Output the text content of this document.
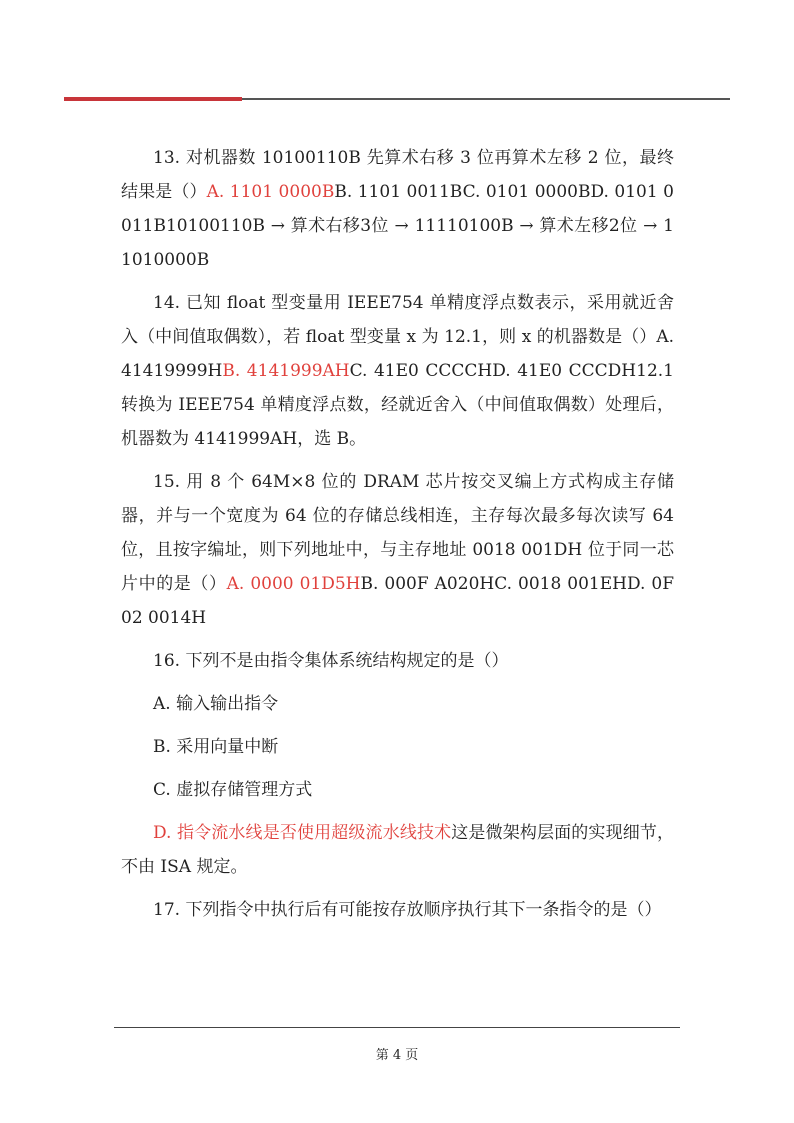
13. 对机器数 10100110B 先算术右移 3 位再算术左移 2 位，最终结果是（）A. 1101 0000BB. 1101 0011BC. 0101 0000BD. 0101 0011B10100110B → 算术右移3位 → 11110100B → 算术左移2位 → 11010000B

14. 已知 float 型变量用 IEEE754 单精度浮点数表示，采用就近舍入（中间值取偶数），若 float 型变量 x 为 12.1，则 x 的机器数是（）A. 41419999HB. 4141999AHC. 41E0 CCCCHD. 41E0 CCCDH12.1 转换为 IEEE754 单精度浮点数，经就近舍入（中间值取偶数）处理后，机器数为 4141999AH，选 B。

15. 用 8 个 64M×8 位的 DRAM 芯片按交叉编上方式构成主存储器，并与一个宽度为 64 位的存储总线相连，主存每次最多每次读写 64 位，且按字编址，则下列地址中，与主存地址 0018 001DH 位于同一芯片中的是（）A. 0000 01D5HB. 000F A020HC. 0018 001EHD. 0F02 0014H

16. 下列不是由指令集体系统结构规定的是（）

A. 输入输出指令

B. 采用向量中断

C. 虚拟存储管理方式

D. 指令流水线是否使用超级流水线技术这是微架构层面的实现细节，不由 ISA 规定。

17. 下列指令中执行后有可能按存放顺序执行其下一条指令的是（）

第 4 页
